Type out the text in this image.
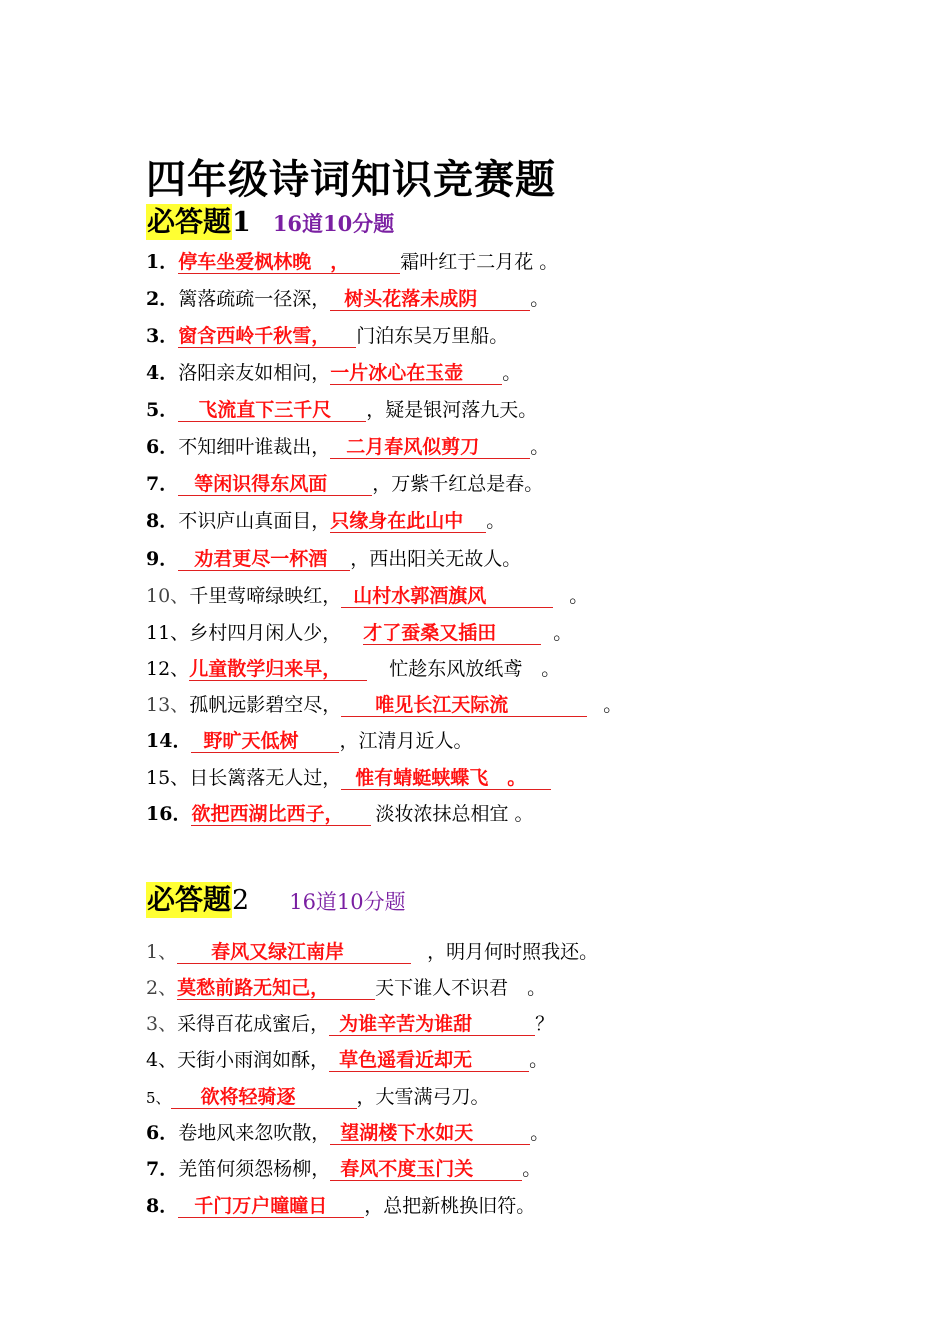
四年级诗词知识竞赛题
必答题1 16道10分题
1．停车坐爱枫林晚　，	霜叶红于二月花 。
2．篱落疏疏一径深， 树头花落未成阴	。
3．窗含西岭千秋雪， 门泊东吴万里船。
4．洛阳亲友如相问，一片冰心在玉壶 。
5． 飞流直下三千尺 ，疑是银河落九天。
6．不知细叶谁裁出， 二月春风似剪刀	。
7． 等闲识得东风面 ，万紫千红总是春。
8．不识庐山真面目，只缘身在此山中 。
9． 劝君更尽一杯酒 ，西出阳关无故人。
10、千里莺啼绿映红， 山村水郭酒旗风	。
11、乡村四月闲人少， 才了蚕桑又插田	。
12、儿童散学归来早，	忙趁东风放纸鸢　。
13、孤帆远影碧空尽， 唯见长江天际流	。
14． 野旷天低树 ，江清月近人。
15、日长篱落无人过， 惟有蜻蜓蛱蝶飞　。
16．欲把西湖比西子， 淡妆浓抹总相宜 。
必答题2 16道10分题
1、 春风又绿江南岸	，明月何时照我还。
2、莫愁前路无知己， 天下谁人不识君　。
3、采得百花成蜜后， 为谁辛苦为谁甜	？
4、天街小雨润如酥， 草色遥看近却无	。
5、 欲将轻骑逐	，大雪满弓刀。
6．卷地风来忽吹散， 望湖楼下水如天	。
7．羌笛何须怨杨柳， 春风不度玉门关	。
8． 千门万户曈曈日 ，总把新桃换旧符。
